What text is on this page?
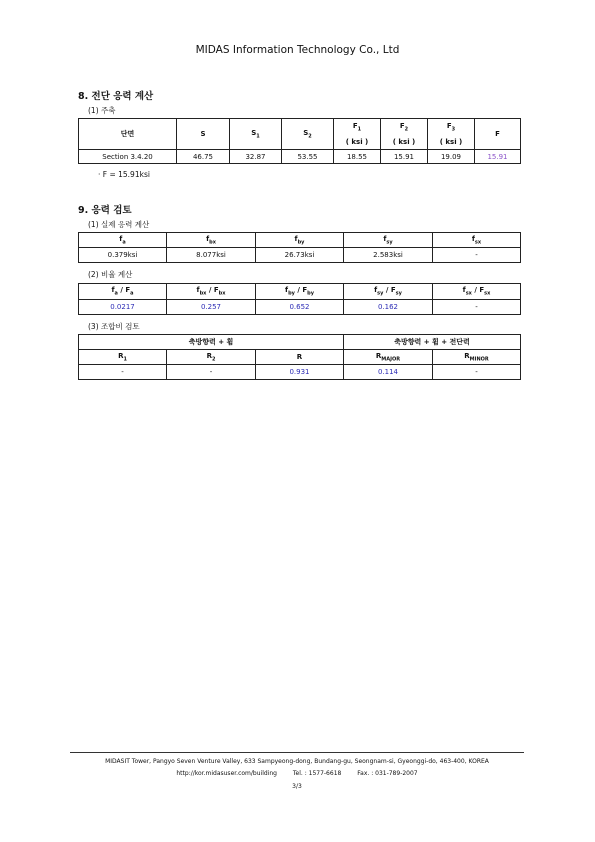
MIDAS Information Technology Co., Ltd
8. 전단 응력 계산
(1) 주축
단면	S	$S_1$	$S_2$	$F_1$	$F_2$	$F_3$	F
				( ksi )	( ksi )	( ksi )	
Section 3.4.20	46.75	32.87	53.55	18.55	15.91	19.09	15.91
· F = 15.91ksi
9. 응력 검토
(1) 실제 응력 계산
$f_a$	$f_{bx}$	$f_{by}$	$f_{sy}$	$f_{sx}$
0.379ksi	8.077ksi	26.73ksi	2.583ksi	-
(2) 비율 계산
$f_a / F_a$	$f_{bx} / F_{bx}$	$f_{by} / F_{by}$	$f_{sy} / F_{sy}$	$f_{sx} / F_{sx}$
0.0217	0.257	0.652	0.162	-
(3) 조합비 검토
축방향력 + 휨			축방향력 + 휨 + 전단력	
$R_1$	$R_2$	R	$R_{MAJOR}$	$R_{MINOR}$
-	-	0.931	0.114	-
MIDASIT Tower, Pangyo Seven Venture Valley, 633 Sampyeong-dong, Bundang-gu, Seongnam-si, Gyeonggi-do, 463-400, KOREA
http://kor.midasuser.com/building	Tel. : 1577-6618	Fax. : 031-789-2007
3/3
